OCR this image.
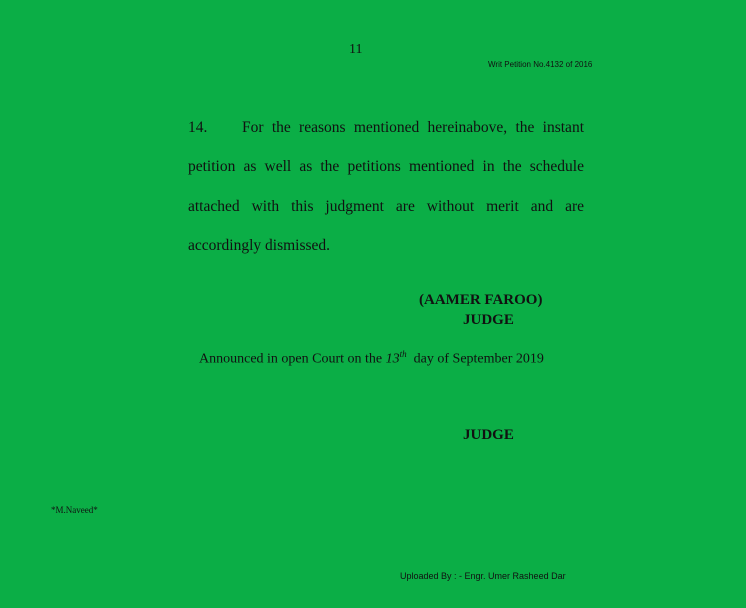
11
Writ Petition No.4132 of 2016
14. For the reasons mentioned hereinabove, the instant petition as well as the petitions mentioned in the schedule attached with this judgment are without merit and are accordingly dismissed.
(AAMER FAROO)
JUDGE
Announced in open Court on the 13th day of September 2019
JUDGE
*M.Naveed*
Uploaded By : - Engr. Umer Rasheed Dar
